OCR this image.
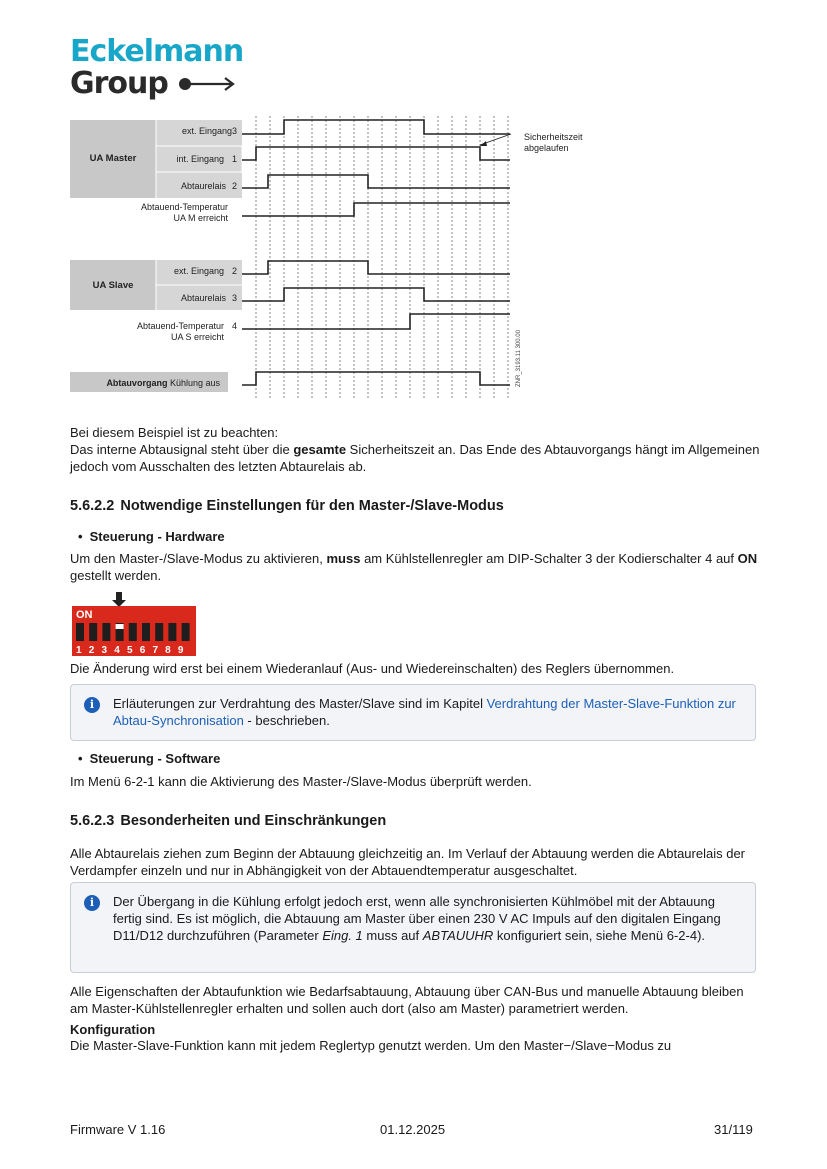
Eckelmann
Group
UA Master
ext. Eingang 3
int. Eingang 1
Abtaurelais 2
Abtauend-Temperatur
UA M erreicht
UA Slave
ext. Eingang 2
Abtaurelais 3
Abtauend-Temperatur 4
UA S erreicht
Abtauvorgang Kühlung aus
Sicherheitszeit
abgelaufen
ZNR_3193.11 300.00
Bei diesem Beispiel ist zu beachten:
Das interne Abtausignal steht über die gesamte Sicherheitszeit an. Das Ende des Abtauvorgangs hängt im Allgemeinen jedoch vom Ausschalten des letzten Abtaurelais ab.
5.6.2.2 Notwendige Einstellungen für den Master-/Slave-Modus
• Steuerung - Hardware
Um den Master-/Slave-Modus zu aktivieren, muss am Kühlstellenregler am DIP-Schalter 3 der Kodierschalter 4 auf ON gestellt werden.
ON
1 2 3 4 5 6 7 8 9
Die Änderung wird erst bei einem Wiederanlauf (Aus- und Wiedereinschalten) des Reglers übernommen.
i	Erläuterungen zur Verdrahtung des Master/Slave sind im Kapitel Verdrahtung der Master-Slave-Funktion zur Abtau-Synchronisation - beschrieben.
• Steuerung - Software
Im Menü 6-2-1 kann die Aktivierung des Master-/Slave-Modus überprüft werden.
5.6.2.3 Besonderheiten und Einschränkungen
Alle Abtaurelais ziehen zum Beginn der Abtauung gleichzeitig an. Im Verlauf der Abtauung werden die Abtaurelais der Verdampfer einzeln und nur in Abhängigkeit von der Abtauendtemperatur ausgeschaltet.
i	Der Übergang in die Kühlung erfolgt jedoch erst, wenn alle synchronisierten Kühlmöbel mit der Abtauung fertig sind. Es ist möglich, die Abtauung am Master über einen 230 V AC Impuls auf den digitalen Eingang D11/D12 durchzuführen (Parameter Eing. 1 muss auf ABTAUUHR konfiguriert sein, siehe Menü 6-2-4).
Alle Eigenschaften der Abtaufunktion wie Bedarfsabtauung, Abtauung über CAN-Bus und manuelle Abtauung bleiben am Master-Kühlstellenregler erhalten und sollen auch dort (also am Master) parametriert werden.
Konfiguration
Die Master-Slave-Funktion kann mit jedem Reglertyp genutzt werden. Um den Master−/Slave−Modus zu
Firmware V 1.16	01.12.2025	31/119
